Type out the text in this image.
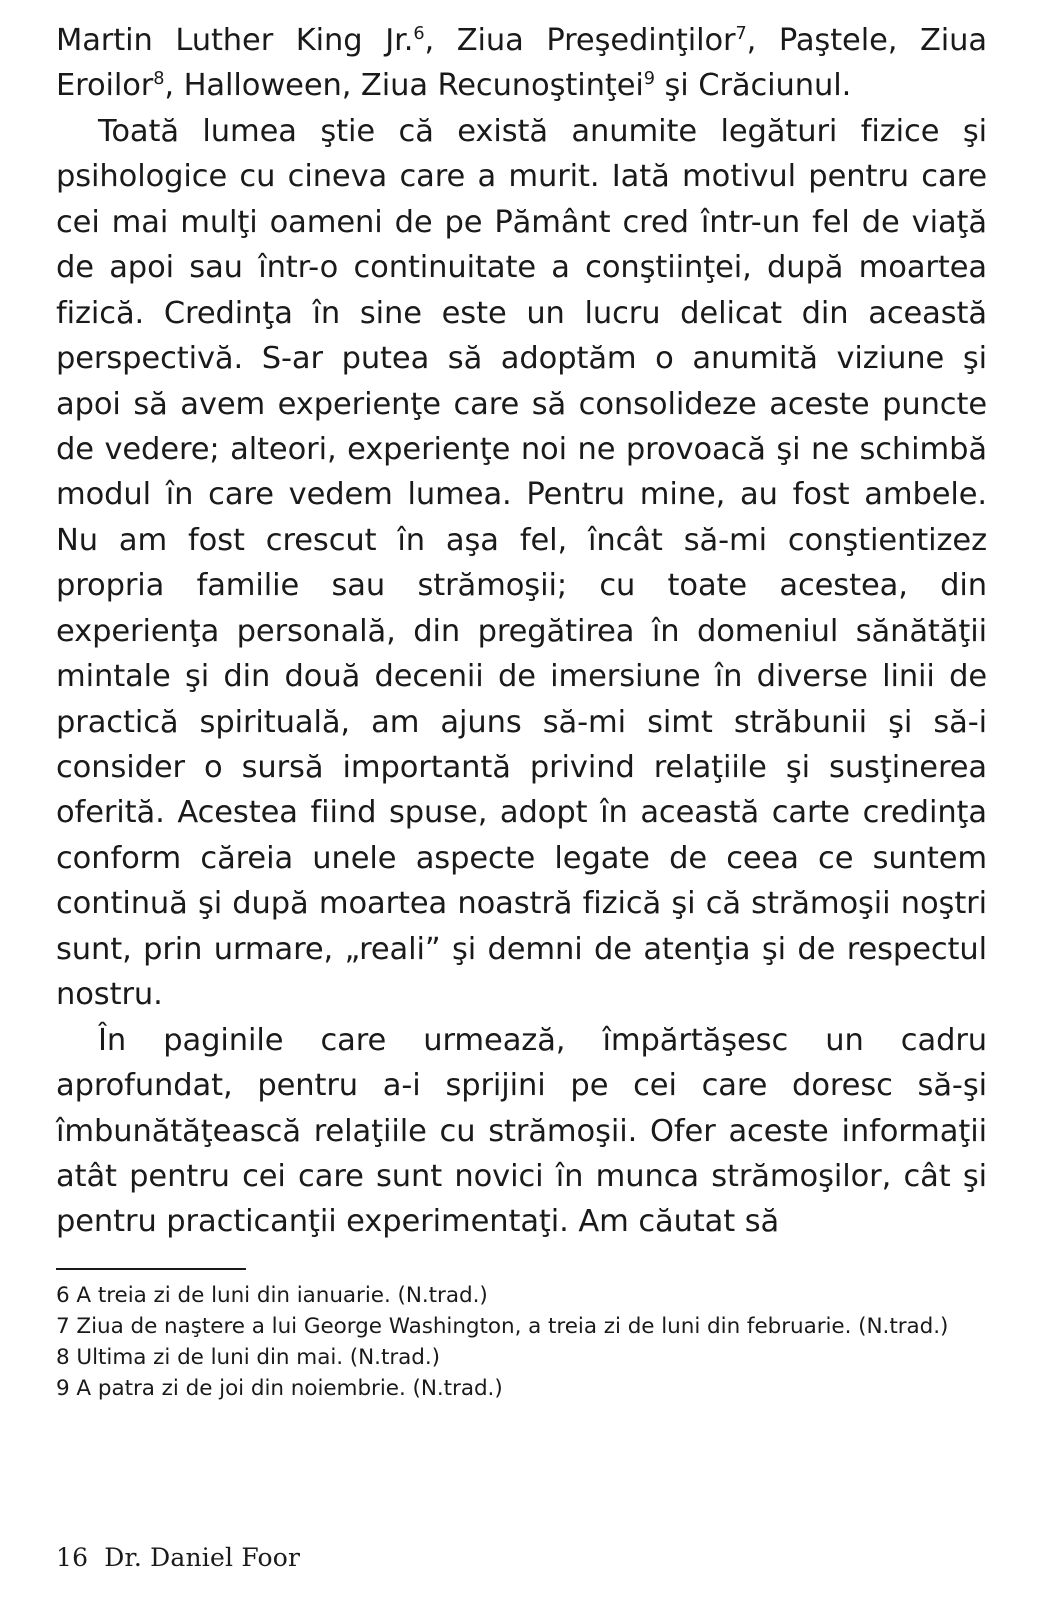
Martin Luther King Jr.$^6$, Ziua Preşedinţilor$^7$, Paştele, Ziua Eroilor$^8$, Halloween, Ziua Recunoştinţei$^9$ şi Crăciunul.

Toată lumea ştie că există anumite legături fizice şi psihologice cu cineva care a murit. Iată motivul pentru care cei mai mulţi oameni de pe Pământ cred într-un fel de viaţă de apoi sau într-o continuitate a conştiinţei, după moartea fizică. Credinţa în sine este un lucru delicat din această perspectivă. S-ar putea să adoptăm o anumită viziune şi apoi să avem experienţe care să consolideze aceste puncte de vedere; alteori, experienţe noi ne provoacă şi ne schimbă modul în care vedem lumea. Pentru mine, au fost ambele. Nu am fost crescut în aşa fel, încât să-mi conştientizez propria familie sau strămoşii; cu toate acestea, din experienţa personală, din pregătirea în domeniul sănătăţii mintale şi din două decenii de imersiune în diverse linii de practică spirituală, am ajuns să-mi simt străbunii şi să-i consider o sursă importantă privind relaţiile şi susţinerea oferită. Acestea fiind spuse, adopt în această carte credinţa conform căreia unele aspecte legate de ceea ce suntem continuă şi după moartea noastră fizică şi că strămoşii noştri sunt, prin urmare, „reali” şi demni de atenţia şi de respectul nostru.

În paginile care urmează, împărtăşesc un cadru aprofundat, pentru a-i sprijini pe cei care doresc să-şi îmbunătăţească relaţiile cu strămoşii. Ofer aceste informaţii atât pentru cei care sunt novici în munca strămoşilor, cât şi pentru practicanţii experimentaţi. Am căutat să

6 A treia zi de luni din ianuarie. (N.trad.)

7 Ziua de naştere a lui George Washington, a treia zi de luni din februarie. (N.trad.)

8 Ultima zi de luni din mai. (N.trad.)

9 A patra zi de joi din noiembrie. (N.trad.)

16 Dr. Daniel Foor
